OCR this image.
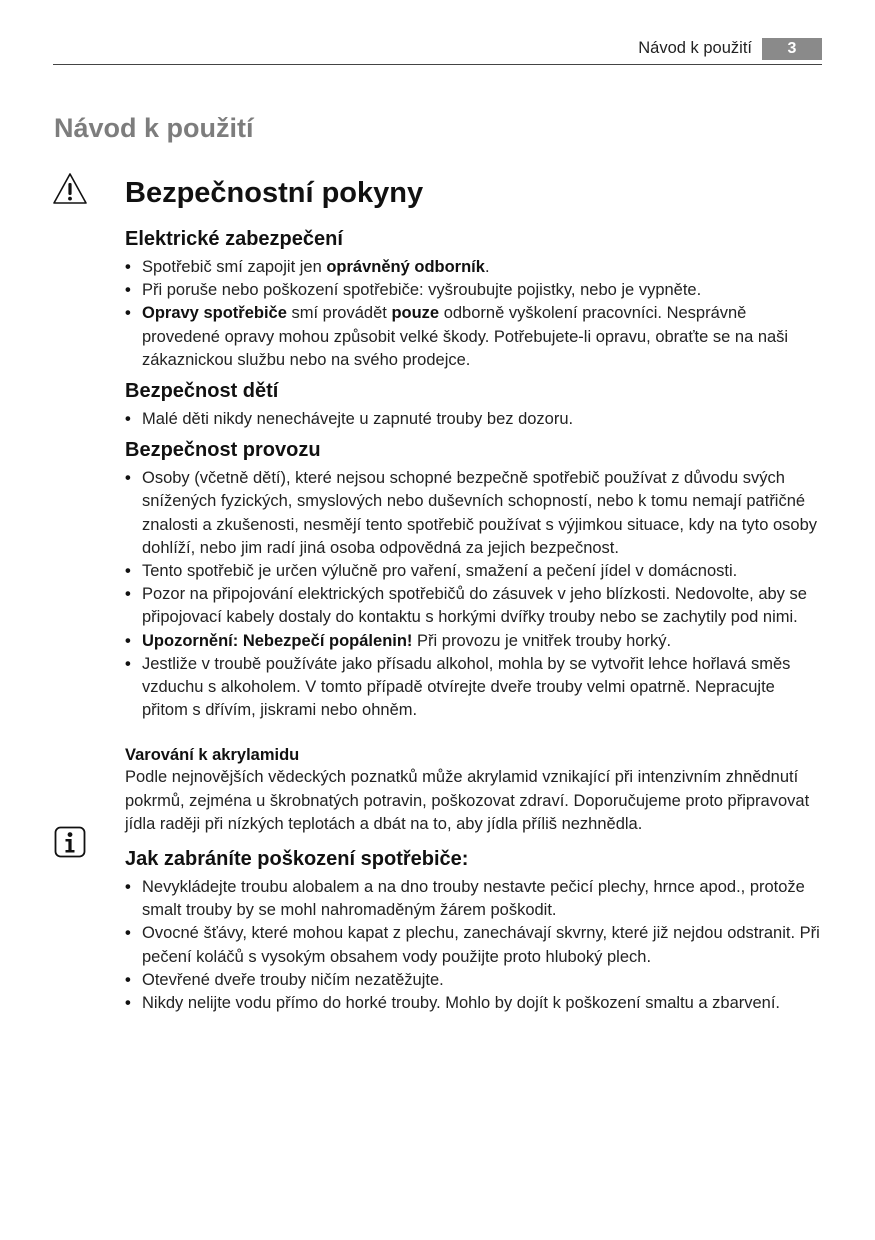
Návod k použití	3
Návod k použití
Bezpečnostní pokyny
Elektrické zabezpečení
• Spotřebič smí zapojit jen oprávněný odborník.
• Při poruše nebo poškození spotřebiče: vyšroubujte pojistky, nebo je vypněte.
• Opravy spotřebiče smí provádět pouze odborně vyškolení pracovníci. Nesprávně provedené opravy mohou způsobit velké škody. Potřebujete-li opravu, obraťte se na naši zákaznickou službu nebo na svého prodejce.
Bezpečnost dětí
• Malé děti nikdy nenechávejte u zapnuté trouby bez dozoru.
Bezpečnost provozu
• Osoby (včetně dětí), které nejsou schopné bezpečně spotřebič používat z důvodu svých snížených fyzických, smyslových nebo duševních schopností, nebo k tomu nemají patřičné znalosti a zkušenosti, nesmějí tento spotřebič používat s výjimkou situace, kdy na tyto osoby dohlíží, nebo jim radí jiná osoba odpovědná za jejich bezpečnost.
• Tento spotřebič je určen výlučně pro vaření, smažení a pečení jídel v domácnosti.
• Pozor na připojování elektrických spotřebičů do zásuvek v jeho blízkosti. Nedovolte, aby se připojovací kabely dostaly do kontaktu s horkými dvířky trouby nebo se zachytily pod nimi.
• Upozornění: Nebezpečí popálenin! Při provozu je vnitřek trouby horký.
• Jestliže v troubě používáte jako přísadu alkohol, mohla by se vytvořit lehce hořlavá směs vzduchu s alkoholem. V tomto případě otvírejte dveře trouby velmi opatrně. Nepracujte přitom s dřívím, jiskrami nebo ohněm.

Varování k akrylamidu

Podle nejnovějších vědeckých poznatků může akrylamid vznikající při intenzivním zhnědnutí pokrmů, zejména u škrobnatých potravin, poškozovat zdraví. Doporučujeme proto připravovat jídla raději při nízkých teplotách a dbát na to, aby jídla příliš nezhnědla.

Jak zabráníte poškození spotřebiče:
• Nevykládejte troubu alobalem a na dno trouby nestavte pečicí plechy, hrnce apod., protože smalt trouby by se mohl nahromaděným žárem poškodit.
• Ovocné šťávy, které mohou kapat z plechu, zanechávají skvrny, které již nejdou odstranit. Při pečení koláčů s vysokým obsahem vody použijte proto hluboký plech.
• Otevřené dveře trouby ničím nezatěžujte.
• Nikdy nelijte vodu přímo do horké trouby. Mohlo by dojít k poškození smaltu a zbarvení.
